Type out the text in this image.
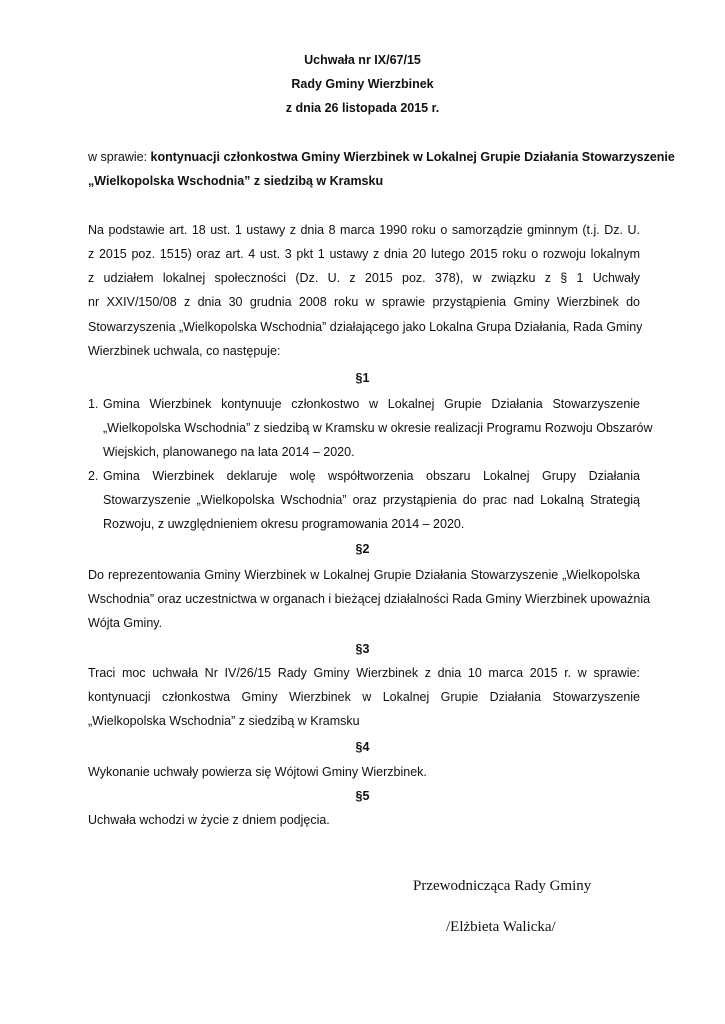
Uchwała nr IX/67/15
Rady Gminy Wierzbinek
z dnia 26 listopada 2015 r.
w sprawie: kontynuacji członkostwa Gminy Wierzbinek w Lokalnej Grupie Działania Stowarzyszenie
„Wielkopolska Wschodnia” z siedzibą w Kramsku
Na podstawie art. 18 ust. 1 ustawy z dnia 8 marca 1990 roku o samorządzie gminnym (t.j. Dz. U.
z 2015 poz. 1515) oraz art. 4 ust. 3 pkt 1 ustawy z dnia 20 lutego 2015 roku o rozwoju lokalnym
z udziałem lokalnej społeczności (Dz. U. z 2015 poz. 378), w związku z § 1 Uchwały
nr XXIV/150/08 z dnia 30 grudnia 2008 roku w sprawie przystąpienia Gminy Wierzbinek do
Stowarzyszenia „Wielkopolska Wschodnia” działającego jako Lokalna Grupa Działania, Rada Gminy
Wierzbinek uchwala, co następuje:
§1
1. Gmina Wierzbinek kontynuuje członkostwo w Lokalnej Grupie Działania Stowarzyszenie
„Wielkopolska Wschodnia” z siedzibą w Kramsku w okresie realizacji Programu Rozwoju Obszarów
Wiejskich, planowanego na lata 2014 – 2020.
2. Gmina Wierzbinek deklaruje wolę współtworzenia obszaru Lokalnej Grupy Działania
Stowarzyszenie „Wielkopolska Wschodnia” oraz przystąpienia do prac nad Lokalną Strategią
Rozwoju, z uwzględnieniem okresu programowania 2014 – 2020.
§2
Do reprezentowania Gminy Wierzbinek w Lokalnej Grupie Działania Stowarzyszenie „Wielkopolska
Wschodnia” oraz uczestnictwa w organach i bieżącej działalności Rada Gminy Wierzbinek upoważnia
Wójta Gminy.
§3
Traci moc uchwała Nr IV/26/15 Rady Gminy Wierzbinek z dnia 10 marca 2015 r. w sprawie:
kontynuacji członkostwa Gminy Wierzbinek w Lokalnej Grupie Działania Stowarzyszenie
„Wielkopolska Wschodnia” z siedzibą w Kramsku
§4
Wykonanie uchwały powierza się Wójtowi Gminy Wierzbinek.
§5
Uchwała wchodzi w życie z dniem podjęcia.
Przewodnicząca Rady Gminy
/Elżbieta Walicka/
